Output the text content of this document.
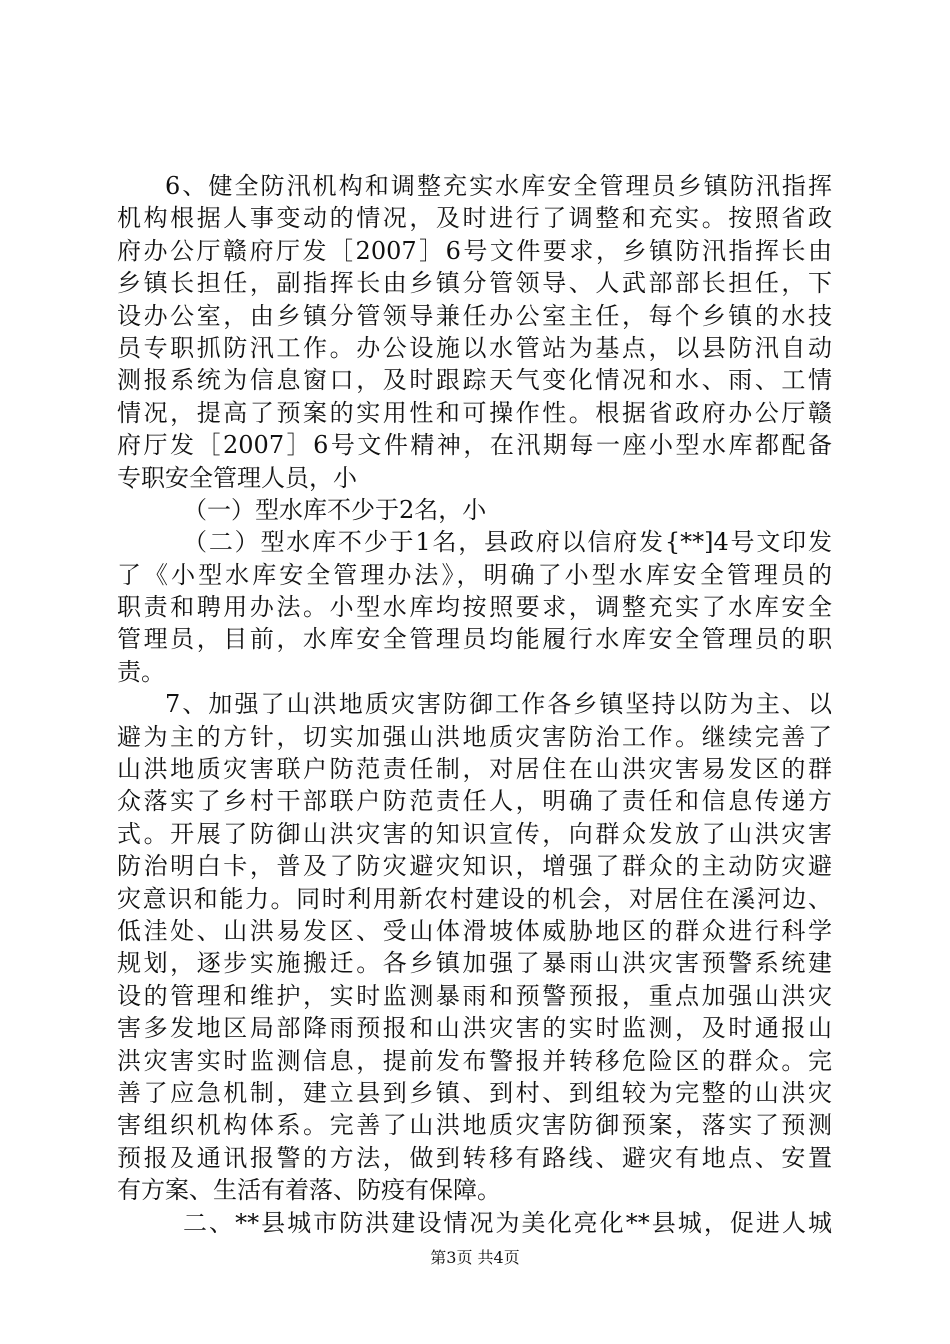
6、健全防汛机构和调整充实水库安全管理员乡镇防汛指挥
机构根据人事变动的情况，及时进行了调整和充实。按照省政
府办公厅赣府厅发［2007］6号文件要求，乡镇防汛指挥长由
乡镇长担任，副指挥长由乡镇分管领导、人武部部长担任，下
设办公室，由乡镇分管领导兼任办公室主任，每个乡镇的水技
员专职抓防汛工作。办公设施以水管站为基点，以县防汛自动
测报系统为信息窗口，及时跟踪天气变化情况和水、雨、工情
情况，提高了预案的实用性和可操作性。根据省政府办公厅赣
府厅发［2007］6号文件精神，在汛期每一座小型水库都配备
专职安全管理人员，小
（一）型水库不少于2名，小
（二）型水库不少于1名，县政府以信府发{**]4号文印发
了《小型水库安全管理办法》，明确了小型水库安全管理员的
职责和聘用办法。小型水库均按照要求，调整充实了水库安全
管理员，目前，水库安全管理员均能履行水库安全管理员的职
责。
7、加强了山洪地质灾害防御工作各乡镇坚持以防为主、以
避为主的方针，切实加强山洪地质灾害防治工作。继续完善了
山洪地质灾害联户防范责任制，对居住在山洪灾害易发区的群
众落实了乡村干部联户防范责任人，明确了责任和信息传递方
式。开展了防御山洪灾害的知识宣传，向群众发放了山洪灾害
防治明白卡，普及了防灾避灾知识，增强了群众的主动防灾避
灾意识和能力。同时利用新农村建设的机会，对居住在溪河边、
低洼处、山洪易发区、受山体滑坡体威胁地区的群众进行科学
规划，逐步实施搬迁。各乡镇加强了暴雨山洪灾害预警系统建
设的管理和维护，实时监测暴雨和预警预报，重点加强山洪灾
害多发地区局部降雨预报和山洪灾害的实时监测，及时通报山
洪灾害实时监测信息，提前发布警报并转移危险区的群众。完
善了应急机制，建立县到乡镇、到村、到组较为完整的山洪灾
害组织机构体系。完善了山洪地质灾害防御预案，落实了预测
预报及通讯报警的方法，做到转移有路线、避灾有地点、安置
有方案、生活有着落、防疫有保障。
二、**县城市防洪建设情况为美化亮化**县城，促进人城
第3页 共4页
